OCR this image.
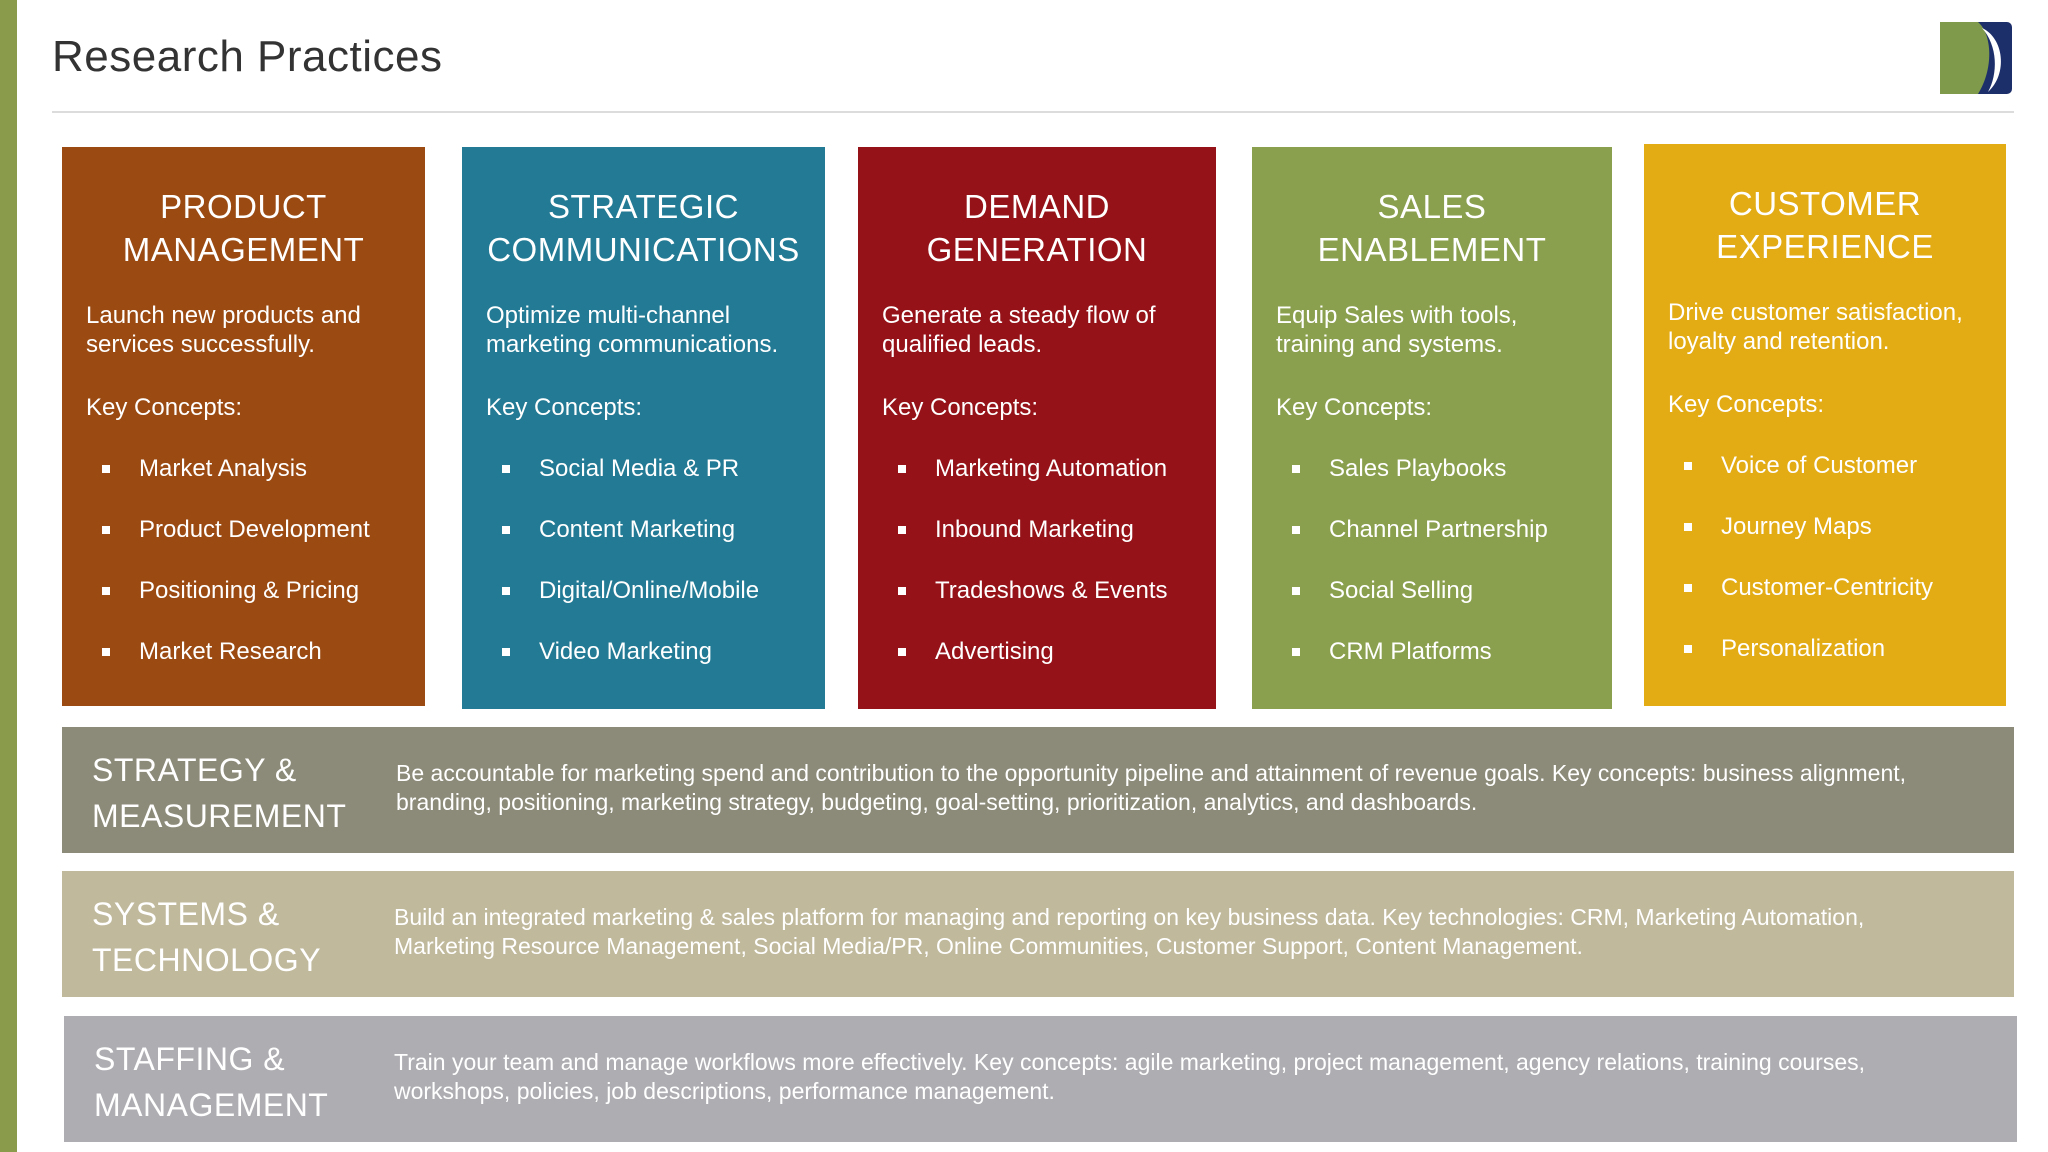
Research Practices
PRODUCT
MANAGEMENT
Launch new products and services successfully.
Key Concepts:
Market Analysis
Product Development
Positioning & Pricing
Market Research
STRATEGIC
COMMUNICATIONS
Optimize multi-channel marketing communications.
Key Concepts:
Social Media & PR
Content Marketing
Digital/Online/Mobile
Video Marketing
DEMAND
GENERATION
Generate a steady flow of qualified leads.
Key Concepts:
Marketing Automation
Inbound Marketing
Tradeshows & Events
Advertising
SALES
ENABLEMENT
Equip Sales with tools, training and systems.
Key Concepts:
Sales Playbooks
Channel Partnership
Social Selling
CRM Platforms
CUSTOMER
EXPERIENCE
Drive customer satisfaction, loyalty and retention.
Key Concepts:
Voice of Customer
Journey Maps
Customer-Centricity
Personalization
STRATEGY &
MEASUREMENT
Be accountable for marketing spend and contribution to the opportunity pipeline and attainment of revenue goals. Key concepts: business alignment, branding, positioning, marketing strategy, budgeting, goal-setting, prioritization, analytics, and dashboards.
SYSTEMS &
TECHNOLOGY
Build an integrated marketing & sales platform for managing and reporting on key business data. Key technologies: CRM, Marketing Automation, Marketing Resource Management, Social Media/PR, Online Communities, Customer Support, Content Management.
STAFFING &
MANAGEMENT
Train your team and manage workflows more effectively. Key concepts: agile marketing, project management, agency relations, training courses, workshops, policies, job descriptions, performance management.
